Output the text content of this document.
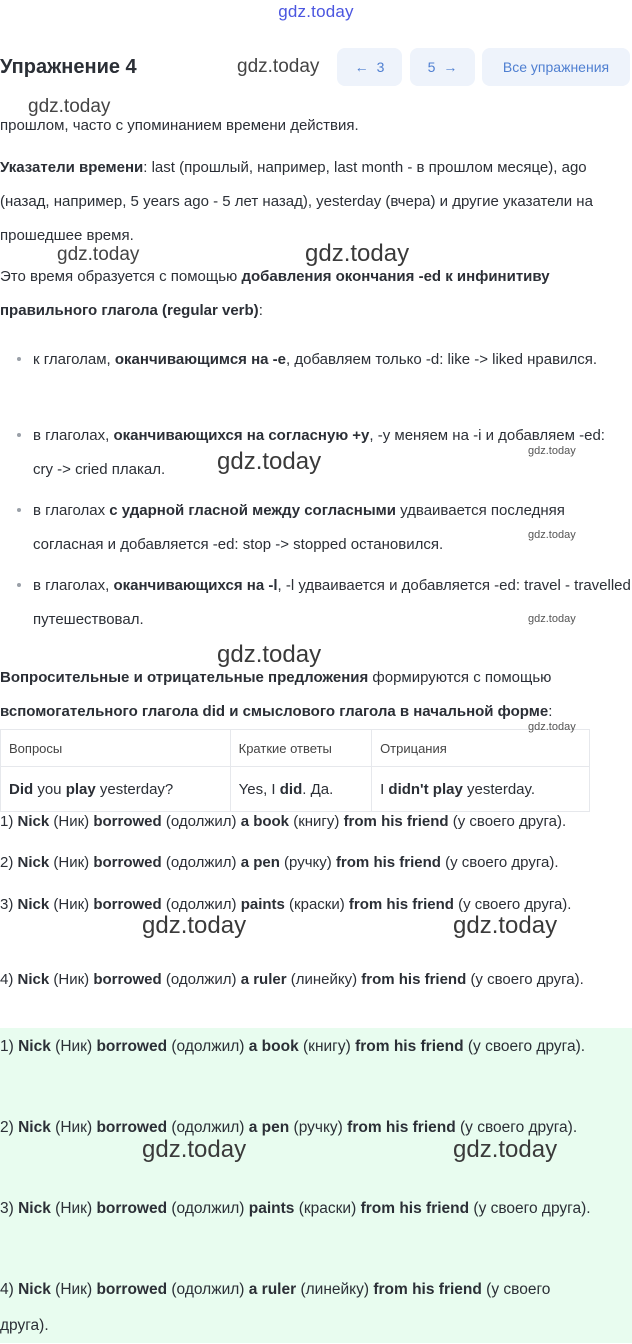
gdz.today
Упражнение 4	← 3	5 →	Все упражнения
прошлом, часто с упоминанием времени действия.
Указатели времени: last (прошлый, например, last month - в прошлом месяце), ago (назад, например, 5 years ago - 5 лет назад), yesterday (вчера) и другие указатели на прошедшее время.
Это время образуется с помощью добавления окончания -ed к инфинитиву правильного глагола (regular verb):
к глаголам, оканчивающимся на -e, добавляем только -d: like -> liked нравился.
в глаголах, оканчивающихся на согласную +y, -y меняем на -i и добавляем -ed: cry -> cried плакал.
в глаголах с ударной гласной между согласными удваивается последняя согласная и добавляется -ed: stop -> stopped остановился.
в глаголах, оканчивающихся на -l, -l удваивается и добавляется -ed: travel - travelled путешествовал.
Вопросительные и отрицательные предложения формируются с помощью вспомогательного глагола did и смыслового глагола в начальной форме:
Вопросы	Краткие ответы	Отрицания
Did you play yesterday?	Yes, I did. Да.	I didn't play yesterday.
1) Nick (Ник) borrowed (одолжил) a book (книгу) from his friend (у своего друга).
2) Nick (Ник) borrowed (одолжил) a pen (ручку) from his friend (у своего друга).
3) Nick (Ник) borrowed (одолжил) paints (краски) from his friend (у своего друга).
4) Nick (Ник) borrowed (одолжил) a ruler (линейку) from his friend (у своего друга).
1) Nick (Ник) borrowed (одолжил) a book (книгу) from his friend (у своего друга).
2) Nick (Ник) borrowed (одолжил) a pen (ручку) from his friend (у своего друга).
3) Nick (Ник) borrowed (одолжил) paints (краски) from his friend (у своего друга).
4) Nick (Ник) borrowed (одолжил) a ruler (линейку) from his friend (у своего друга).
gdz.today
gdz.today
gdz.today	gdz.today
gdz.today	gdz.today
gdz.today
gdz.today
gdz.today
gdz.today
gdz.today	gdz.today
gdz.today	gdz.today
